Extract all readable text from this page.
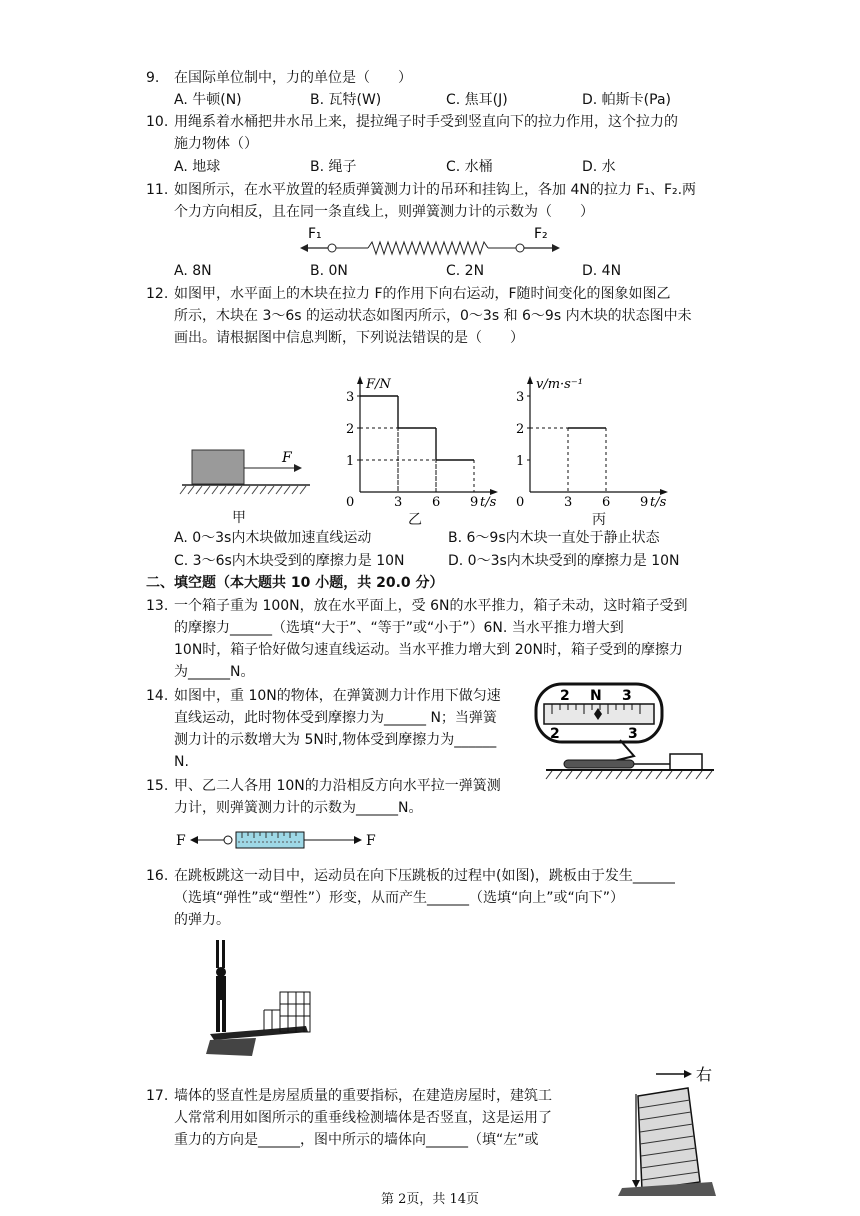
9. 在国际单位制中，力的单位是（　　）
A. 牛顿(N)	B. 瓦特(W)	C. 焦耳(J)	D. 帕斯卡(Pa)
10. 用绳系着水桶把井水吊上来，提拉绳子时手受到竖直向下的拉力作用，这个拉力的
施力物体（）
A. 地球	B. 绳子	C. 水桶	D. 水
11. 如图所示，在水平放置的轻质弹簧测力计的吊环和挂钩上，各加 4N的拉力 F₁、F₂.两
个力方向相反，且在同一条直线上，则弹簧测力计的示数为（　　）
F₁	F₂
A. 8N	B. 0N	C. 2N	D. 4N
12. 如图甲，水平面上的木块在拉力 F的作用下向右运动，F随时间变化的图象如图乙
所示，木块在 3～6s 的运动状态如图丙所示，0～3s 和 6～9s 内木块的状态图中未
画出。请根据图中信息判断，下列说法错误的是（　　）
F
甲
F/N
t/s
0	3 6 9
1
2
3
乙
v/m·s⁻¹
t/s
0	3 6 9
1
2
3
丙
A. 0～3s内木块做加速直线运动	B. 6～9s内木块一直处于静止状态
C. 3～6s内木块受到的摩擦力是 10N	D. 0～3s内木块受到的摩擦力是 10N
二、填空题（本大题共 10 小题，共 20.0 分）
13. 一个箱子重为 100N，放在水平面上，受 6N的水平推力，箱子未动，这时箱子受到
的摩擦力______（选填“大于”、“等于”或“小于”）6N. 当水平推力增大到
10N时，箱子恰好做匀速直线运动。当水平推力增大到 20N时，箱子受到的摩擦力
为______N。
14. 如图中，重 10N的物体，在弹簧测力计作用下做匀速
直线运动，此时物体受到摩擦力为______ N；当弹簧
测力计的示数增大为 5N时,物体受到摩擦力为______
N.
2 N 3
2	3
15. 甲、乙二人各用 10N的力沿相反方向水平拉一弹簧测
力计，则弹簧测力计的示数为______N。
F	F
16. 在跳板跳这一动目中，运动员在向下压跳板的过程中(如图)，跳板由于发生______
（选填“弹性”或“塑性”）形变，从而产生______（选填“向上”或“向下”）
的弹力。
17. 墙体的竖直性是房屋质量的重要指标，在建造房屋时，建筑工
人常常利用如图所示的重垂线检测墙体是否竖直，这是运用了
重力的方向是______，图中所示的墙体向______（填“左”或
右
第 2页，共 14页
